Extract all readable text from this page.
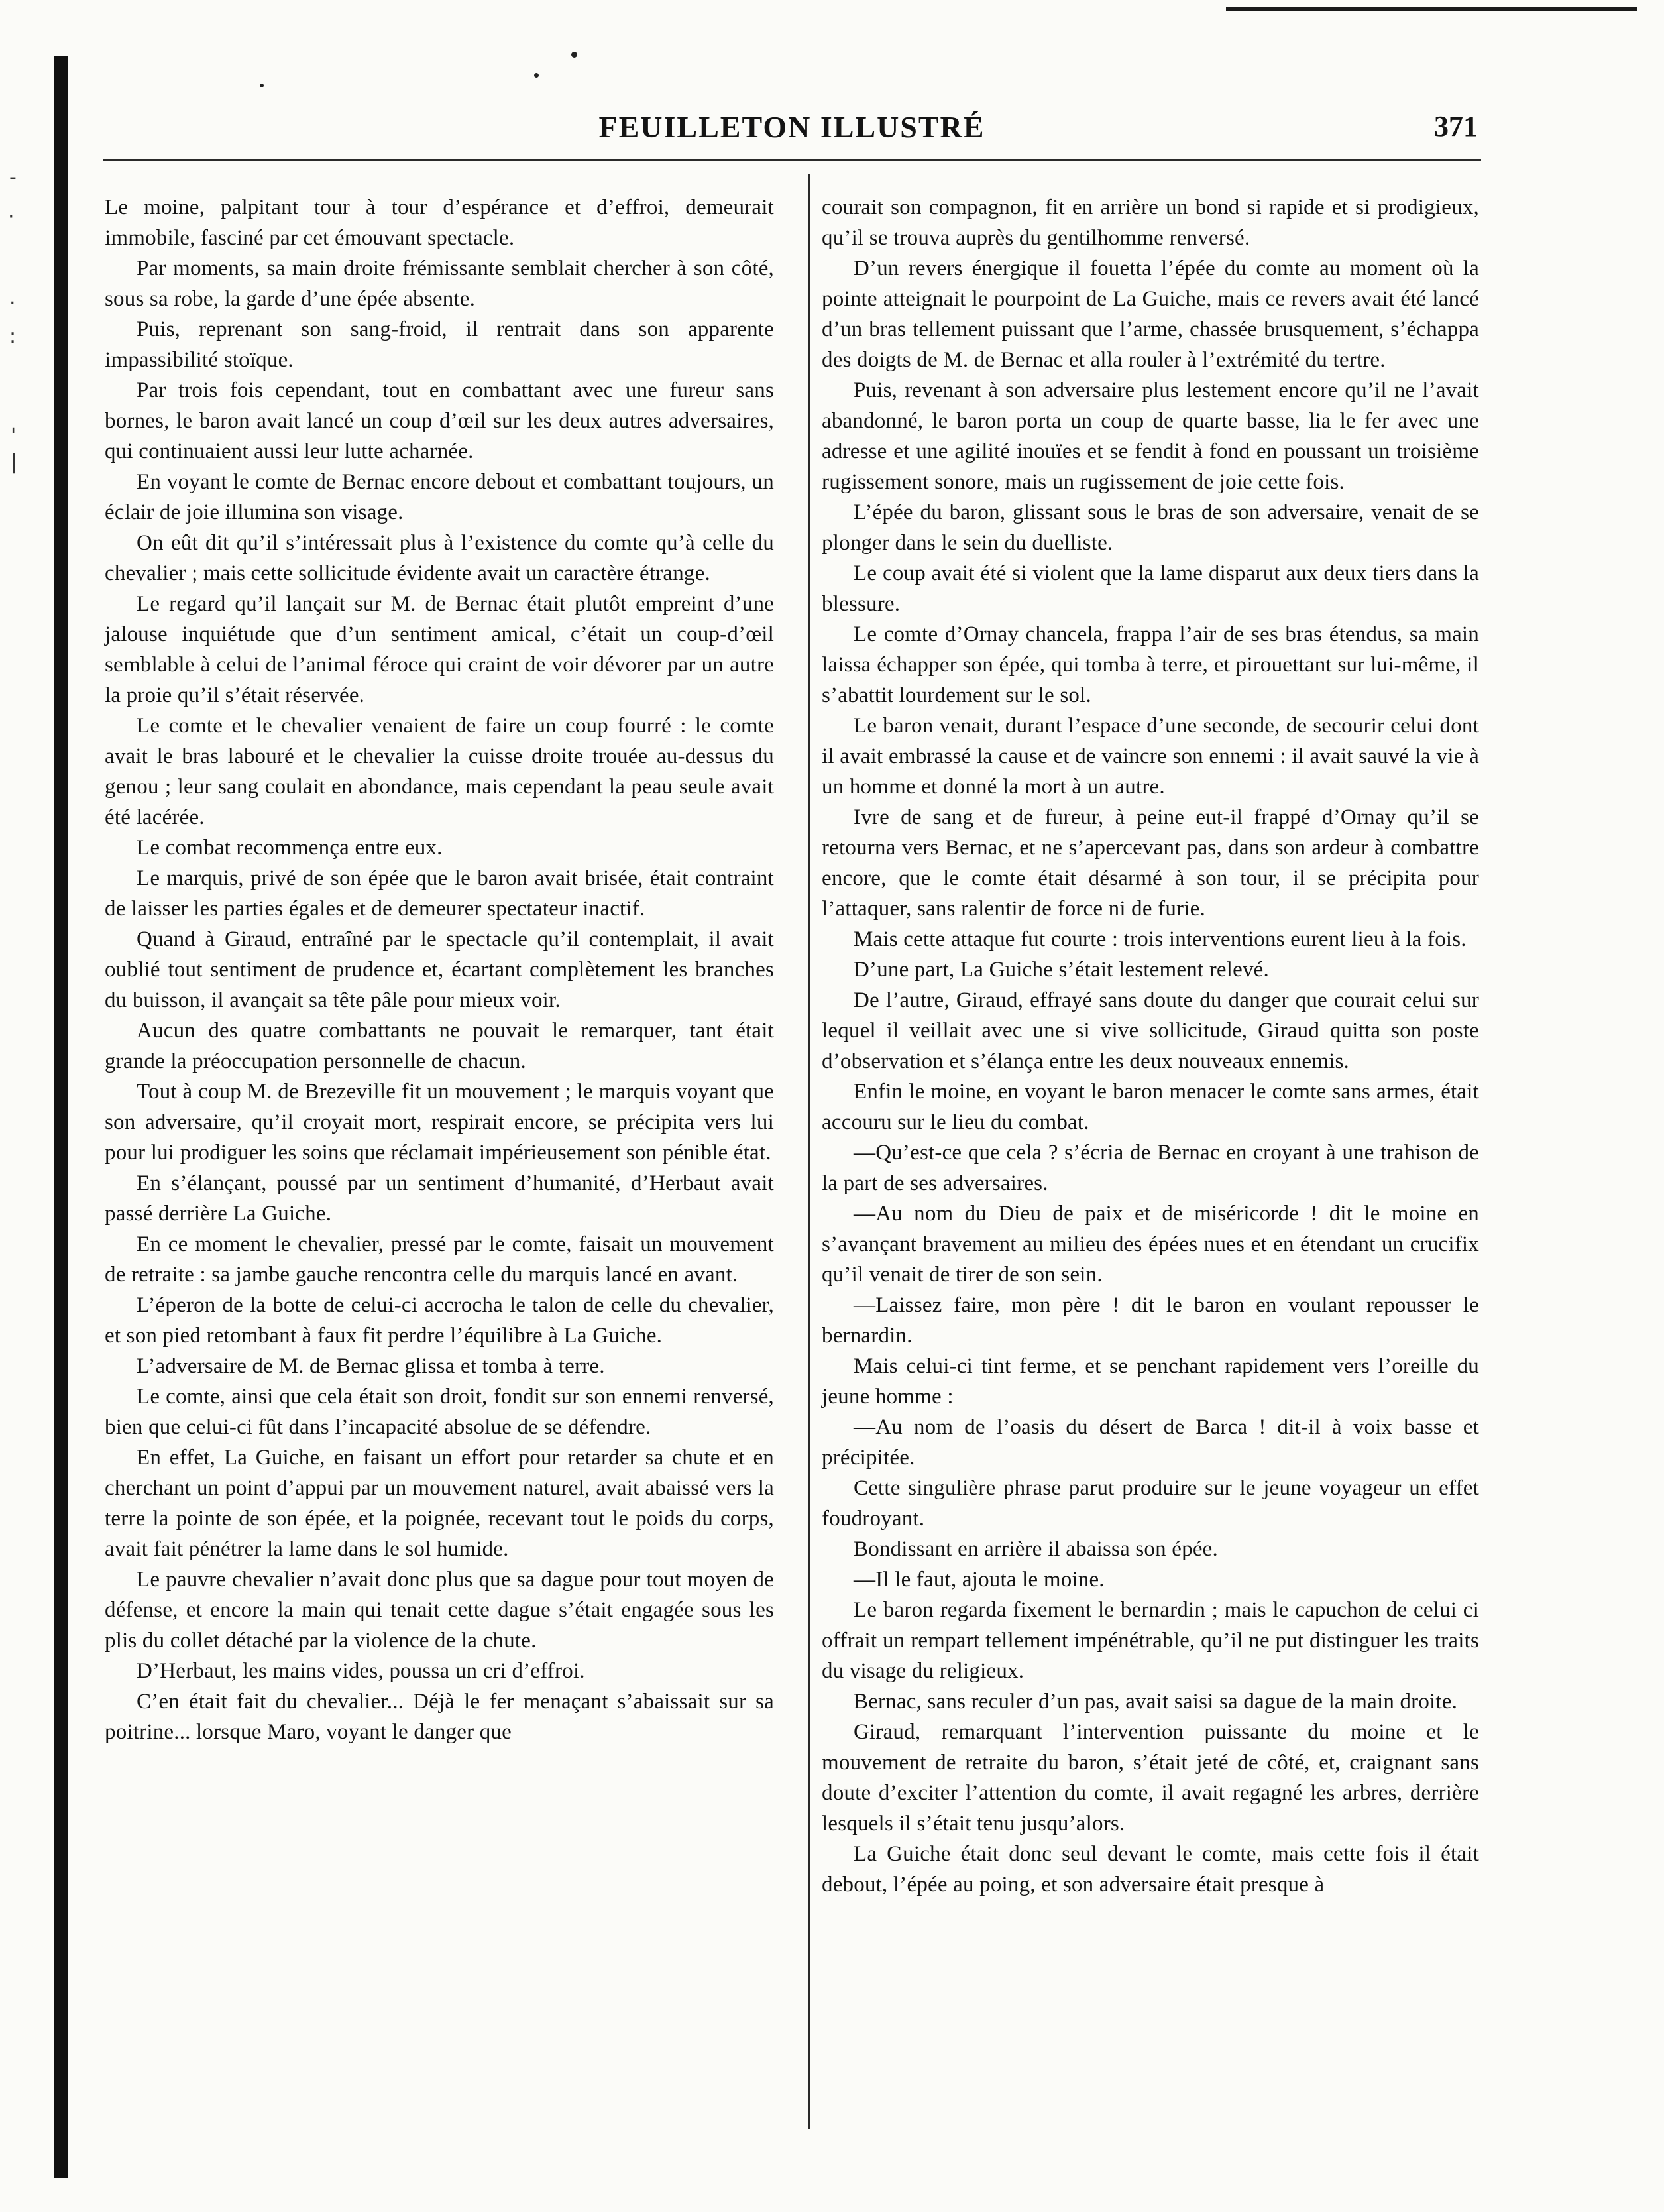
-
·
·
:
'
|
FEUILLETON ILLUSTRÉ	371

Le moine, palpitant tour à tour d’espérance et d’effroi, demeurait immobile, fasciné par cet émouvant spectacle.

Par moments, sa main droite frémissante semblait chercher à son côté, sous sa robe, la garde d’une épée absente.

Puis, reprenant son sang-froid, il rentrait dans son apparente impassibilité stoïque.

Par trois fois cependant, tout en combattant avec une fureur sans bornes, le baron avait lancé un coup d’œil sur les deux autres adversaires, qui continuaient aussi leur lutte acharnée.

En voyant le comte de Bernac encore debout et combattant toujours, un éclair de joie illumina son visage.

On eût dit qu’il s’intéressait plus à l’existence du comte qu’à celle du chevalier ; mais cette sollicitude évidente avait un caractère étrange.

Le regard qu’il lançait sur M. de Bernac était plutôt empreint d’une jalouse inquiétude que d’un sentiment amical, c’était un coup-d’œil semblable à celui de l’animal féroce qui craint de voir dévorer par un autre la proie qu’il s’était réservée.

Le comte et le chevalier venaient de faire un coup fourré : le comte avait le bras labouré et le chevalier la cuisse droite trouée au-dessus du genou ; leur sang coulait en abondance, mais cependant la peau seule avait été lacérée.

Le combat recommença entre eux.

Le marquis, privé de son épée que le baron avait brisée, était contraint de laisser les parties égales et de demeurer spectateur inactif.

Quand à Giraud, entraîné par le spectacle qu’il contemplait, il avait oublié tout sentiment de prudence et, écartant complètement les branches du buisson, il avançait sa tête pâle pour mieux voir.

Aucun des quatre combattants ne pouvait le remarquer, tant était grande la préoccupation personnelle de chacun.

Tout à coup M. de Brezeville fit un mouvement ; le marquis voyant que son adversaire, qu’il croyait mort, respirait encore, se précipita vers lui pour lui prodiguer les soins que réclamait impérieusement son pénible état.

En s’élançant, poussé par un sentiment d’humanité, d’Herbaut avait passé derrière La Guiche.

En ce moment le chevalier, pressé par le comte, faisait un mouvement de retraite : sa jambe gauche rencontra celle du marquis lancé en avant.

L’éperon de la botte de celui-ci accrocha le talon de celle du chevalier, et son pied retombant à faux fit perdre l’équilibre à La Guiche.

L’adversaire de M. de Bernac glissa et tomba à terre.

Le comte, ainsi que cela était son droit, fondit sur son ennemi renversé, bien que celui-ci fût dans l’incapacité absolue de se défendre.

En effet, La Guiche, en faisant un effort pour retarder sa chute et en cherchant un point d’appui par un mouvement naturel, avait abaissé vers la terre la pointe de son épée, et la poignée, recevant tout le poids du corps, avait fait pénétrer la lame dans le sol humide.

Le pauvre chevalier n’avait donc plus que sa dague pour tout moyen de défense, et encore la main qui tenait cette dague s’était engagée sous les plis du collet détaché par la violence de la chute.

D’Herbaut, les mains vides, poussa un cri d’effroi.

C’en était fait du chevalier... Déjà le fer menaçant s’abaissait sur sa poitrine... lorsque Maro, voyant le danger que

courait son compagnon, fit en arrière un bond si rapide et si prodigieux, qu’il se trouva auprès du gentilhomme renversé.

D’un revers énergique il fouetta l’épée du comte au moment où la pointe atteignait le pourpoint de La Guiche, mais ce revers avait été lancé d’un bras tellement puissant que l’arme, chassée brusquement, s’échappa des doigts de M. de Bernac et alla rouler à l’extrémité du tertre.

Puis, revenant à son adversaire plus lestement encore qu’il ne l’avait abandonné, le baron porta un coup de quarte basse, lia le fer avec une adresse et une agilité inouïes et se fendit à fond en poussant un troisième rugissement sonore, mais un rugissement de joie cette fois.

L’épée du baron, glissant sous le bras de son adversaire, venait de se plonger dans le sein du duelliste.

Le coup avait été si violent que la lame disparut aux deux tiers dans la blessure.

Le comte d’Ornay chancela, frappa l’air de ses bras étendus, sa main laissa échapper son épée, qui tomba à terre, et pirouettant sur lui-même, il s’abattit lourdement sur le sol.

Le baron venait, durant l’espace d’une seconde, de secourir celui dont il avait embrassé la cause et de vaincre son ennemi : il avait sauvé la vie à un homme et donné la mort à un autre.

Ivre de sang et de fureur, à peine eut-il frappé d’Ornay qu’il se retourna vers Bernac, et ne s’apercevant pas, dans son ardeur à combattre encore, que le comte était désarmé à son tour, il se précipita pour l’attaquer, sans ralentir de force ni de furie.

Mais cette attaque fut courte : trois interventions eurent lieu à la fois.

D’une part, La Guiche s’était lestement relevé.

De l’autre, Giraud, effrayé sans doute du danger que courait celui sur lequel il veillait avec une si vive sollicitude, Giraud quitta son poste d’observation et s’élança entre les deux nouveaux ennemis.

Enfin le moine, en voyant le baron menacer le comte sans armes, était accouru sur le lieu du combat.

—Qu’est-ce que cela ? s’écria de Bernac en croyant à une trahison de la part de ses adversaires.

—Au nom du Dieu de paix et de miséricorde ! dit le moine en s’avançant bravement au milieu des épées nues et en étendant un crucifix qu’il venait de tirer de son sein.

—Laissez faire, mon père ! dit le baron en voulant repousser le bernardin.

Mais celui-ci tint ferme, et se penchant rapidement vers l’oreille du jeune homme :

—Au nom de l’oasis du désert de Barca ! dit-il à voix basse et précipitée.

Cette singulière phrase parut produire sur le jeune voyageur un effet foudroyant.

Bondissant en arrière il abaissa son épée.

—Il le faut, ajouta le moine.

Le baron regarda fixement le bernardin ; mais le capuchon de celui ci offrait un rempart tellement impénétrable, qu’il ne put distinguer les traits du visage du religieux.

Bernac, sans reculer d’un pas, avait saisi sa dague de la main droite.

Giraud, remarquant l’intervention puissante du moine et le mouvement de retraite du baron, s’était jeté de côté, et, craignant sans doute d’exciter l’attention du comte, il avait regagné les arbres, derrière lesquels il s’était tenu jusqu’alors.

La Guiche était donc seul devant le comte, mais cette fois il était debout, l’épée au poing, et son adversaire était presque à
